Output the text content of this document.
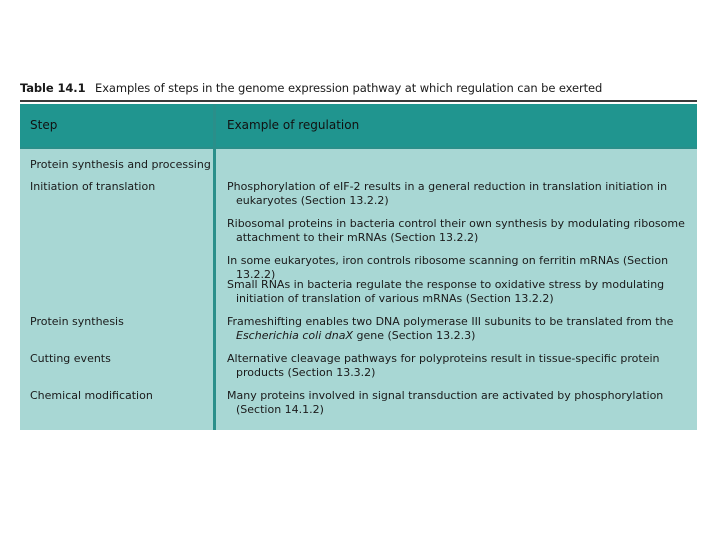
Table 14.1 Examples of steps in the genome expression pathway at which regulation can be exerted
Step	Example of regulation
Protein synthesis and processing
Initiation of translation
Protein synthesis
Cutting events
Chemical modification
Phosphorylation of eIF-2 results in a general reduction in translation initiation in eukaryotes (Section 13.2.2)
Ribosomal proteins in bacteria control their own synthesis by modulating ribosome attachment to their mRNAs (Section 13.2.2)
In some eukaryotes, iron controls ribosome scanning on ferritin mRNAs (Section 13.2.2)
Small RNAs in bacteria regulate the response to oxidative stress by modulating initiation of translation of various mRNAs (Section 13.2.2)
Frameshifting enables two DNA polymerase III subunits to be translated from the Escherichia coli dnaX gene (Section 13.2.3)
Alternative cleavage pathways for polyproteins result in tissue-specific protein products (Section 13.3.2)
Many proteins involved in signal transduction are activated by phosphorylation (Section 14.1.2)
